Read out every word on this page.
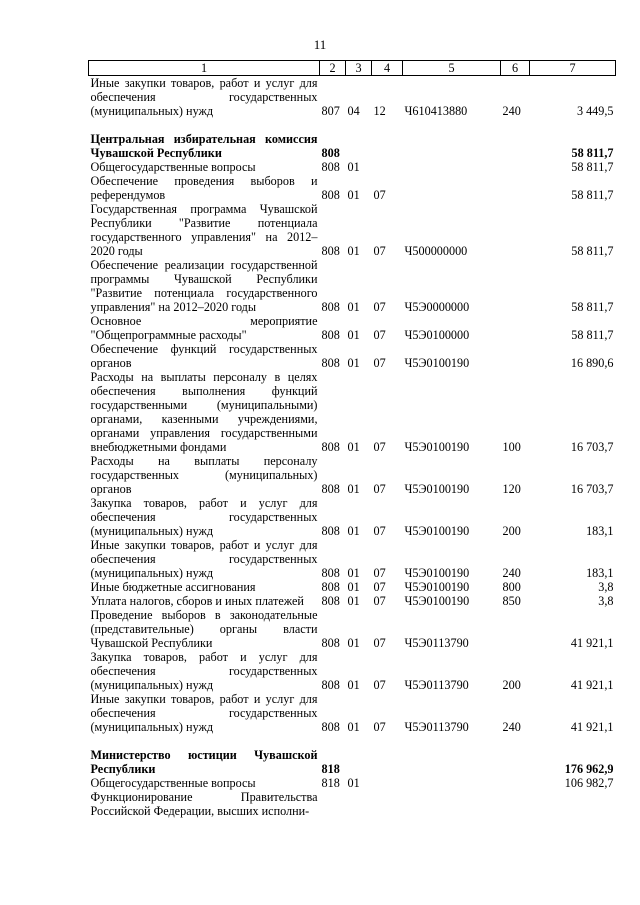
11
1	2	3	4	5	6	7
Иные закупки товаров, работ и услуг для обеспечения государственных (муниципальных) нужд	807	04	12	Ч610413880	240	3 449,5

Центральная избирательная комиссия Чувашской Республики	808					58 811,7
Общегосударственные вопросы	808	01				58 811,7
Обеспечение проведения выборов и референдумов	808	01	07			58 811,7
Государственная программа Чувашской Республики "Развитие потенциала государственного управления" на 2012–2020 годы	808	01	07	Ч500000000		58 811,7
Обеспечение реализации государственной программы Чувашской Республики "Развитие потенциала государственного управления" на 2012–2020 годы	808	01	07	Ч5Э0000000		58 811,7
Основное мероприятие "Общепрограммные расходы"	808	01	07	Ч5Э0100000		58 811,7
Обеспечение функций государственных органов	808	01	07	Ч5Э0100190		16 890,6
Расходы на выплаты персоналу в целях обеспечения выполнения функций государственными (муниципальными) органами, казенными учреждениями, органами управления государственными внебюджетными фондами	808	01	07	Ч5Э0100190	100	16 703,7
Расходы на выплаты персоналу государственных (муниципальных) органов	808	01	07	Ч5Э0100190	120	16 703,7
Закупка товаров, работ и услуг для обеспечения государственных (муниципальных) нужд	808	01	07	Ч5Э0100190	200	183,1
Иные закупки товаров, работ и услуг для обеспечения государственных (муниципальных) нужд	808	01	07	Ч5Э0100190	240	183,1
Иные бюджетные ассигнования	808	01	07	Ч5Э0100190	800	3,8
Уплата налогов, сборов и иных платежей	808	01	07	Ч5Э0100190	850	3,8
Проведение выборов в законодательные (представительные) органы власти Чувашской Республики	808	01	07	Ч5Э0113790		41 921,1
Закупка товаров, работ и услуг для обеспечения государственных (муниципальных) нужд	808	01	07	Ч5Э0113790	200	41 921,1
Иные закупки товаров, работ и услуг для обеспечения государственных (муниципальных) нужд	808	01	07	Ч5Э0113790	240	41 921,1

Министерство юстиции Чувашской Республики	818					176 962,9
Общегосударственные вопросы	818	01				106 982,7
Функционирование Правительства Российской Федерации, высших исполни-						
